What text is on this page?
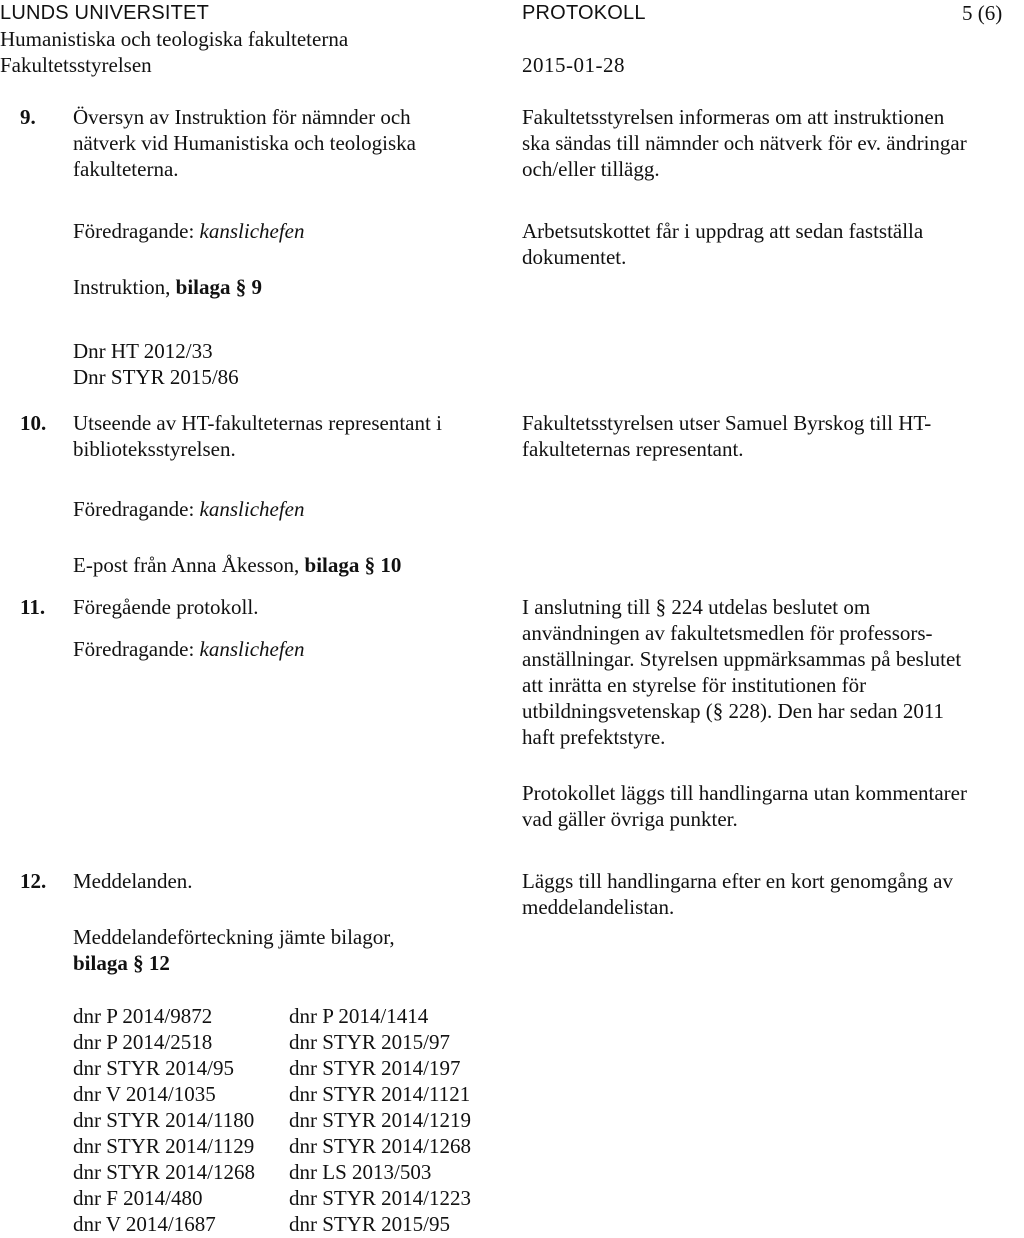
LUNDS UNIVERSITET
Humanistiska och teologiska fakulteterna
Fakultetsstyrelsen
PROTOKOLL	5 (6)
2015-01-28
9. Översyn av Instruktion för nämnder och
nätverk vid Humanistiska och teologiska
fakulteterna.
Föredragande: kanslichefen
Instruktion, bilaga § 9
Dnr HT 2012/33
Dnr STYR 2015/86
Fakultetsstyrelsen informeras om att instruktionen
ska sändas till nämnder och nätverk för ev. ändringar
och/eller tillägg.
Arbetsutskottet får i uppdrag att sedan fastställa
dokumentet.
10. Utseende av HT-fakulteternas representant i
biblioteksstyrelsen.
Föredragande: kanslichefen
E-post från Anna Åkesson, bilaga § 10
Fakultetsstyrelsen utser Samuel Byrskog till HT-
fakulteternas representant.
11. Föregående protokoll.
Föredragande: kanslichefen
I anslutning till § 224 utdelas beslutet om
användningen av fakultetsmedlen för professors-
anställningar. Styrelsen uppmärksammas på beslutet
att inrätta en styrelse för institutionen för
utbildningsvetenskap (§ 228). Den har sedan 2011
haft prefektstyre.
Protokollet läggs till handlingarna utan kommentarer
vad gäller övriga punkter.
12. Meddelanden.
Meddelandeförteckning jämte bilagor,
bilaga § 12
Läggs till handlingarna efter en kort genomgång av
meddelandelistan.
dnr P 2014/9872	dnr P 2014/1414
dnr P 2014/2518	dnr STYR 2015/97
dnr STYR 2014/95	dnr STYR 2014/197
dnr V 2014/1035	dnr STYR 2014/1121
dnr STYR 2014/1180	dnr STYR 2014/1219
dnr STYR 2014/1129	dnr STYR 2014/1268
dnr STYR 2014/1268	dnr LS 2013/503
dnr F 2014/480	dnr STYR 2014/1223
dnr V 2014/1687	dnr STYR 2015/95
